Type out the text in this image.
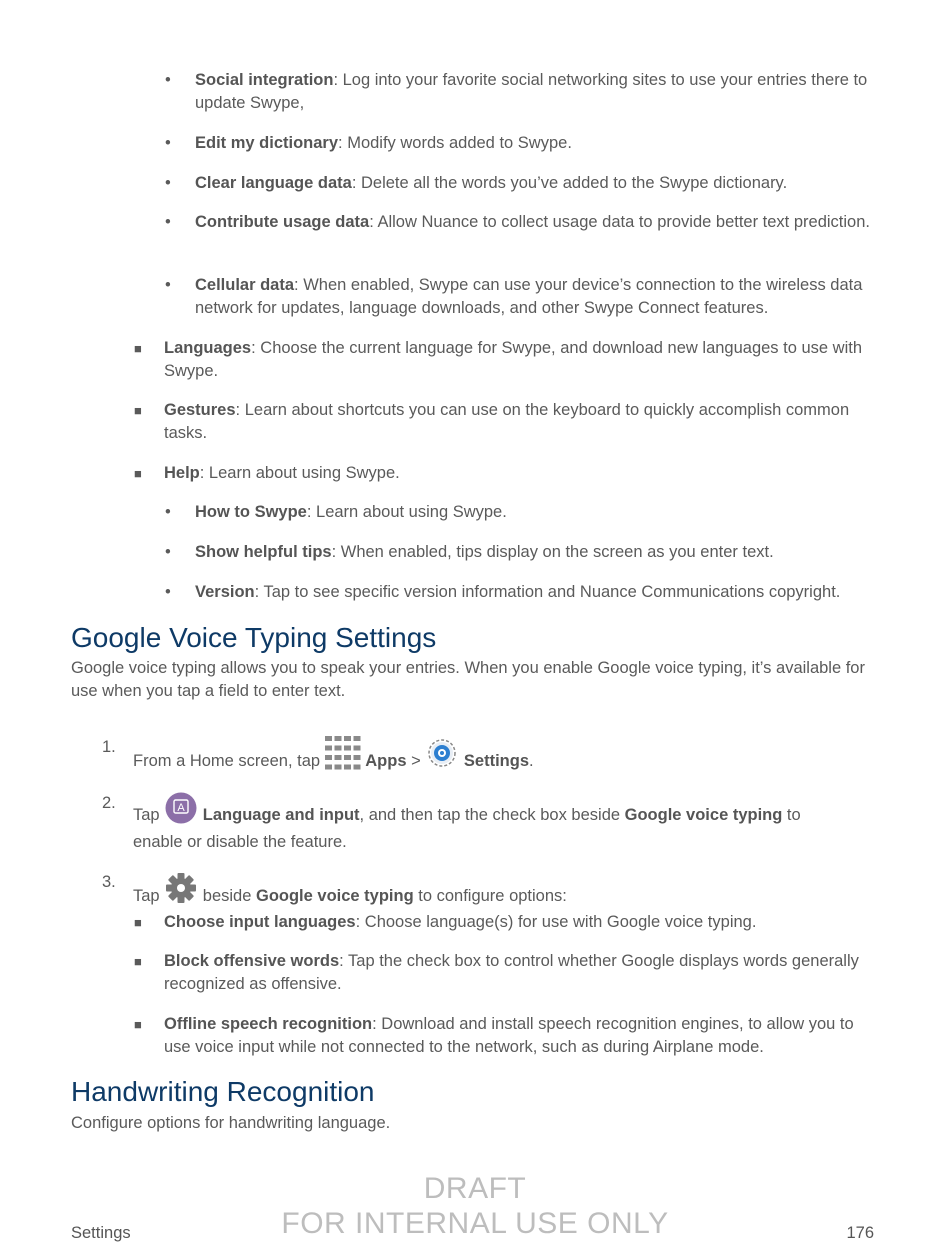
• Social integration: Log into your favorite social networking sites to use your entries there to update Swype,
• Edit my dictionary: Modify words added to Swype.
• Clear language data: Delete all the words you’ve added to the Swype dictionary.
• Contribute usage data: Allow Nuance to collect usage data to provide better text prediction.
• Cellular data: When enabled, Swype can use your device’s connection to the wireless data network for updates, language downloads, and other Swype Connect features.
■ Languages: Choose the current language for Swype, and download new languages to use with Swype.
■ Gestures: Learn about shortcuts you can use on the keyboard to quickly accomplish common tasks.
■ Help: Learn about using Swype.
• How to Swype: Learn about using Swype.
• Show helpful tips: When enabled, tips display on the screen as you enter text.
• Version: Tap to see specific version information and Nuance Communications copyright.
Google Voice Typing Settings
Google voice typing allows you to speak your entries. When you enable Google voice typing, it’s available for use when you tap a field to enter text.
1.
From a Home screen, tap  Apps >  Settings.
2.
Tap A Language and input, and then tap the check box beside Google voice typing to enable or disable the feature.
3.
Tap  beside Google voice typing to configure options:
■ Choose input languages: Choose language(s) for use with Google voice typing.
■ Block offensive words: Tap the check box to control whether Google displays words generally recognized as offensive.
■ Offline speech recognition: Download and install speech recognition engines, to allow you to use voice input while not connected to the network, such as during Airplane mode.
Handwriting Recognition
Configure options for handwriting language.
DRAFT
FOR INTERNAL USE ONLY
Settings	176
